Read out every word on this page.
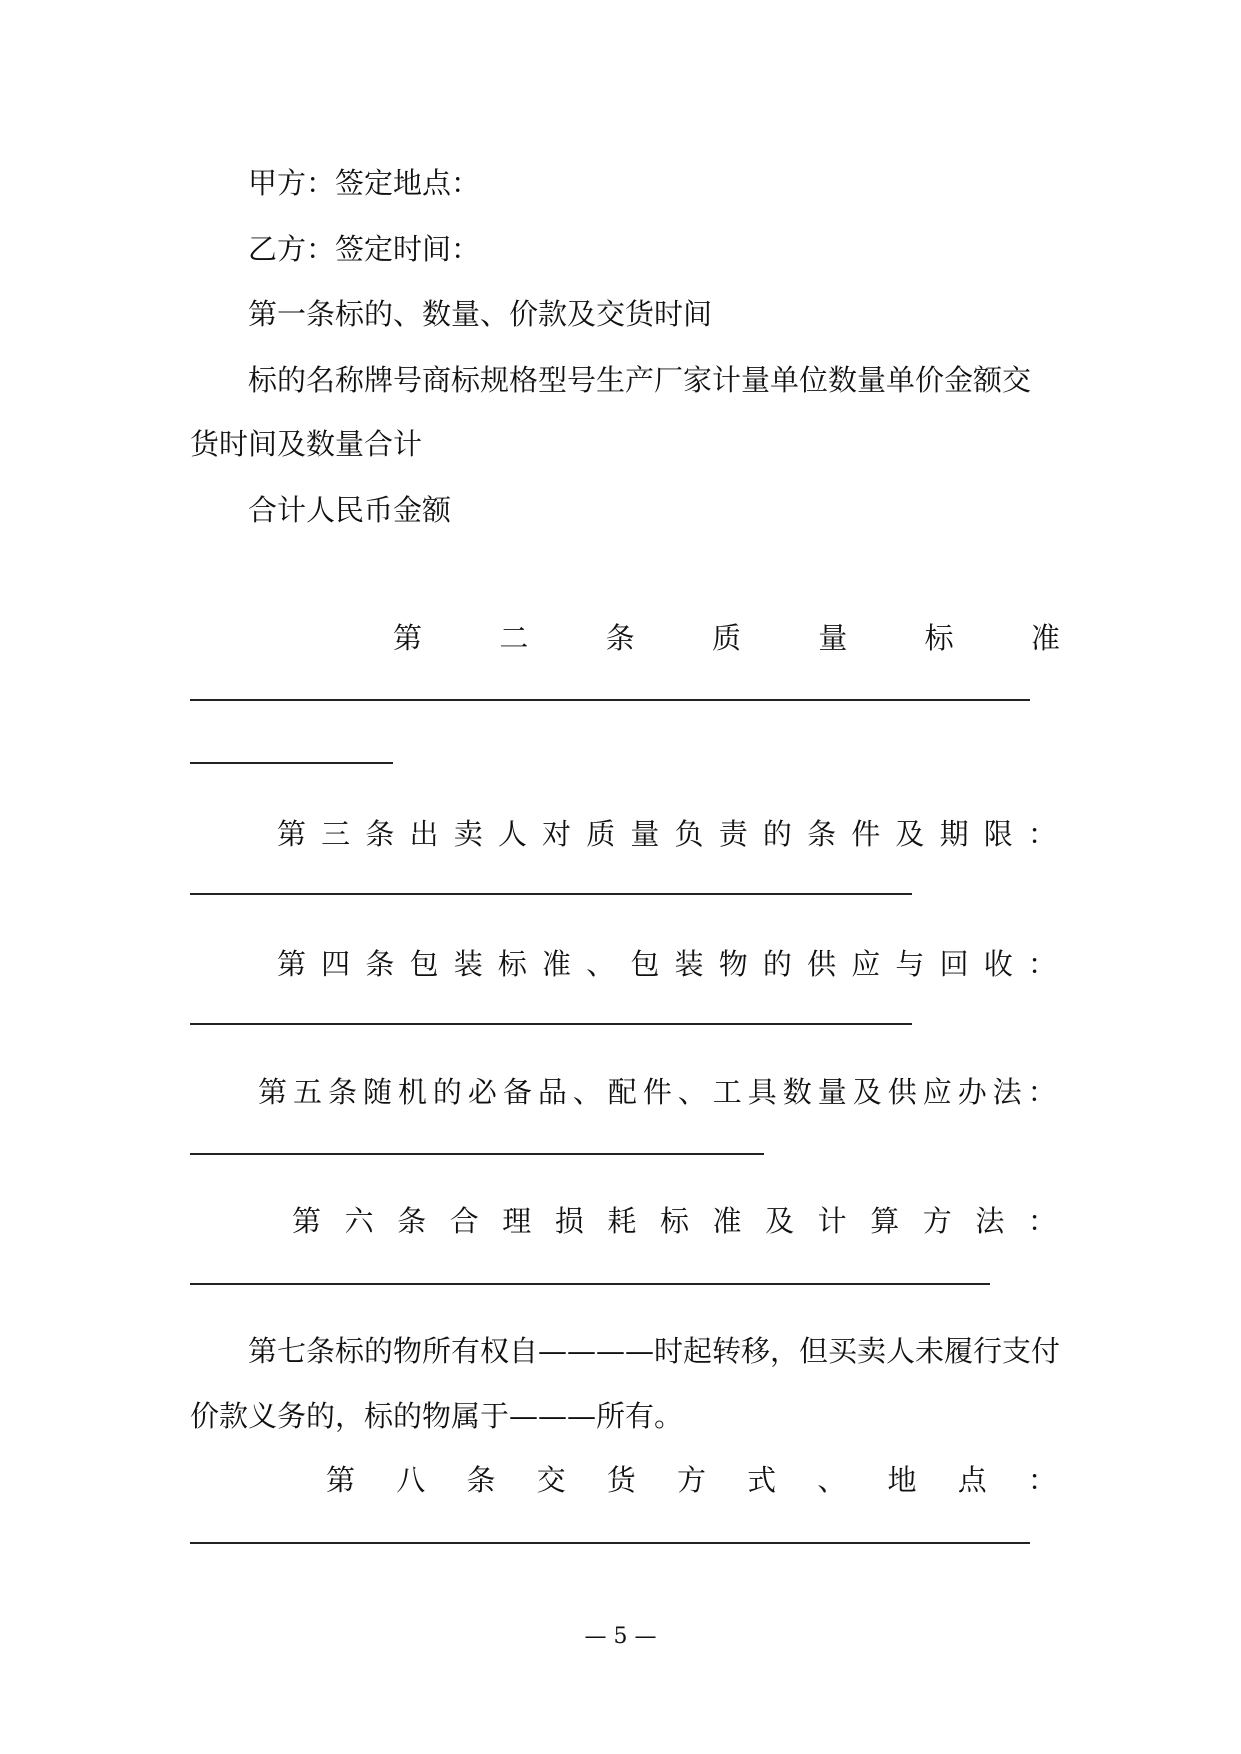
甲方：签定地点：
乙方：签定时间：
第一条标的、数量、价款及交货时间
标的名称牌号商标规格型号生产厂家计量单位数量单价金额交
货时间及数量合计
合计人民币金额
第	二	条	质	量	标	准
第 三 条 出 卖 人 对 质 量 负 责 的 条 件 及 期 限 ：
第 四 条 包 装 标 准 、 包 装 物 的 供 应 与 回 收 ：
第 五 条 随 机 的 必 备 品 、 配 件 、 工 具 数 量 及 供 应 办 法 ：
第 六 条 合 理 损 耗 标 准 及 计 算 方 法 ：
第七条标的物所有权自————时起转移，但买卖人未履行支付
价款义务的，标的物属于———所有。
第 八 条 交 货 方 式 、 地 点 ：
— 5 —
